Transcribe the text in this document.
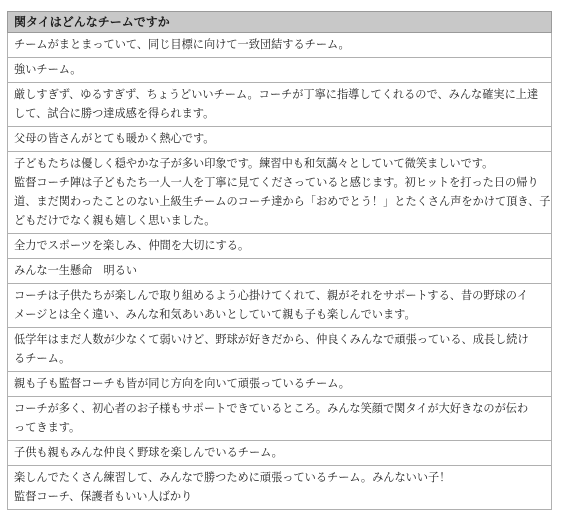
関タイはどんなチームですか
チームがまとまっていて、同じ目標に向けて一致団結するチーム。
強いチーム。
厳しすぎず、ゆるすぎず、ちょうどいいチーム。コーチが丁寧に指導してくれるので、みんな確実に上達
して、試合に勝つ達成感を得られます。
父母の皆さんがとても暖かく熱心です。
子どもたちは優しく穏やかな子が多い印象です。練習中も和気藹々としていて微笑ましいです。
監督コーチ陣は子どもたち一人一人を丁寧に見てくださっていると感じます。初ヒットを打った日の帰り
道、まだ関わったことのない上級生チームのコーチ達から「おめでとう！」とたくさん声をかけて頂き、子
どもだけでなく親も嬉しく思いました。
全力でスポーツを楽しみ、仲間を大切にする。
みんな一生懸命　明るい
コーチは子供たちが楽しんで取り組めるよう心掛けてくれて、親がそれをサポートする、昔の野球のイ
メージとは全く違い、みんな和気あいあいとしていて親も子も楽しんでいます。
低学年はまだ人数が少なくて弱いけど、野球が好きだから、仲良くみんなで頑張っている、成長し続け
るチーム。
親も子も監督コーチも皆が同じ方向を向いて頑張っているチーム。
コーチが多く、初心者のお子様もサポートできているところ。みんな笑顔で関タイが大好きなのが伝わ
ってきます。
子供も親もみんな仲良く野球を楽しんでいるチーム。
楽しんでたくさん練習して、みんなで勝つために頑張っているチーム。みんないい子！
監督コーチ、保護者もいい人ばかり
